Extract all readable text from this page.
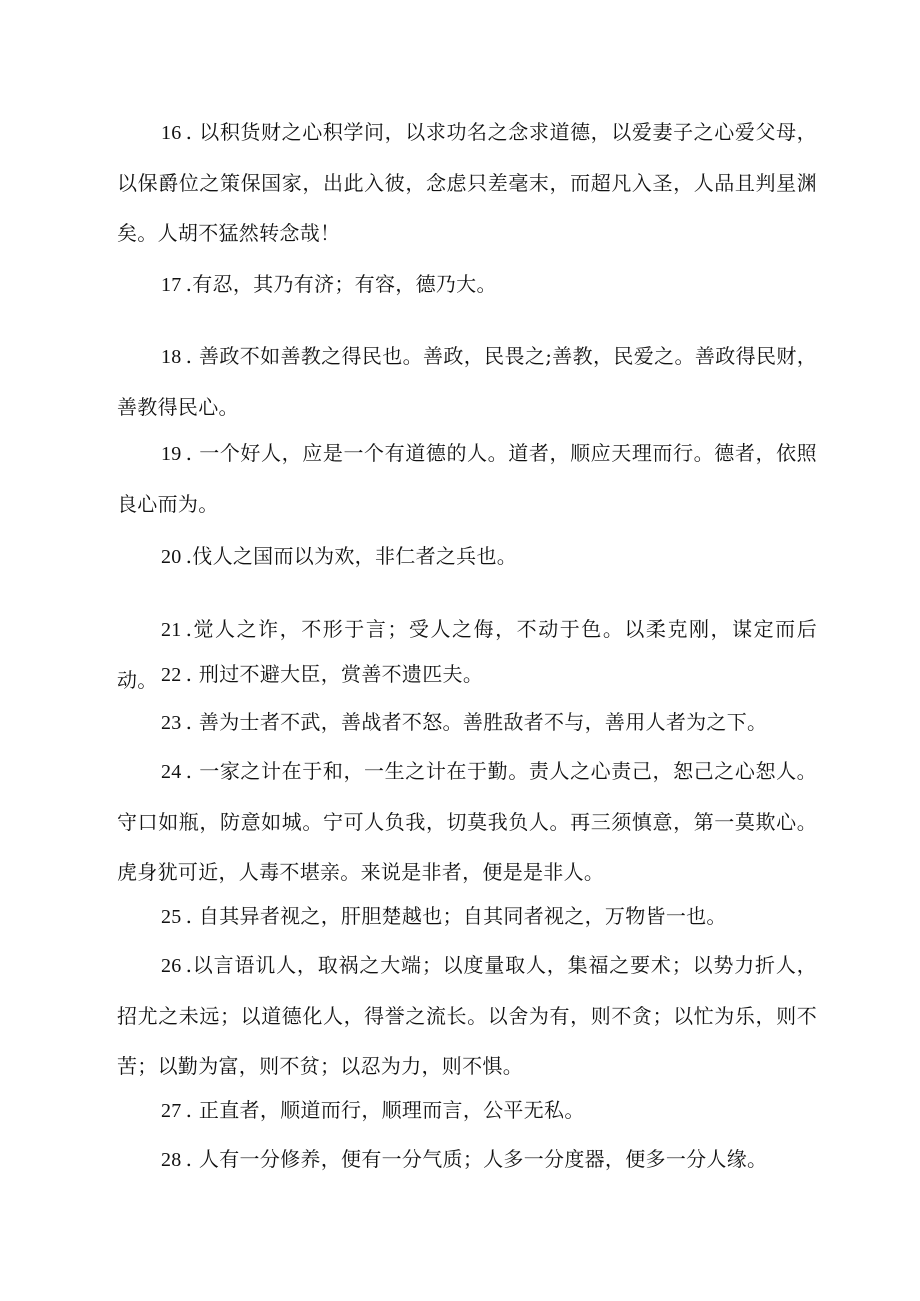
16 . 以积货财之心积学问，以求功名之念求道德，以爱妻子之心爱父母，以保爵位之策保国家，出此入彼，念虑只差毫末，而超凡入圣，人品且判星渊矣。人胡不猛然转念哉！

17 .有忍，其乃有济；有容，德乃大。

18 . 善政不如善教之得民也。善政，民畏之;善教，民爱之。善政得民财，善教得民心。

19 . 一个好人，应是一个有道德的人。道者，顺应天理而行。德者，依照良心而为。

20 .伐人之国而以为欢，非仁者之兵也。

21 .觉人之诈，不形于言；受人之侮，不动于色。以柔克刚，谋定而后动。 22 . 刑过不避大臣，赏善不遗匹夫。

23 . 善为士者不武，善战者不怒。善胜敌者不与，善用人者为之下。

24 . 一家之计在于和，一生之计在于勤。责人之心责己，恕己之心恕人。守口如瓶，防意如城。宁可人负我，切莫我负人。再三须慎意，第一莫欺心。虎身犹可近，人毒不堪亲。来说是非者，便是是非人。

25 . 自其异者视之，肝胆楚越也；自其同者视之，万物皆一也。

26 .以言语讥人，取祸之大端；以度量取人，集福之要术；以势力折人，招尤之未远；以道德化人，得誉之流长。以舍为有，则不贪；以忙为乐，则不苦；以勤为富，则不贫；以忍为力，则不惧。

27 . 正直者，顺道而行，顺理而言，公平无私。

28 . 人有一分修养，便有一分气质；人多一分度器，便多一分人缘。
